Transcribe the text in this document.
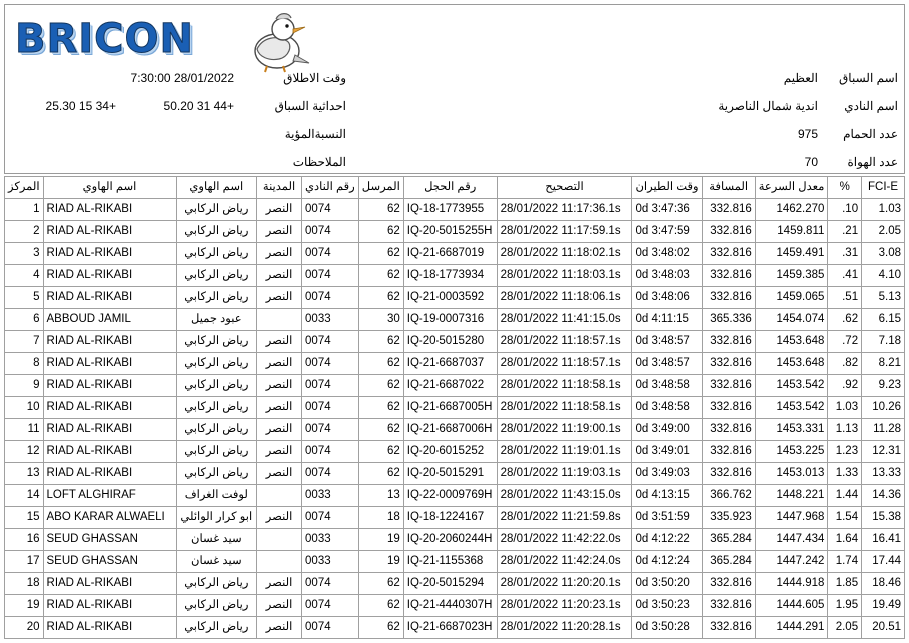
BRICON
اسم السباق
العظيم
اسم النادي
اندية شمال الناصرية
عدد الحمام
975
عدد الهواة
70
وقت الاطلاق
28/01/2022 7:30:00
احداثية السباق
+44 31 50.20
+34 15 25.30
النسبةالمؤية
الملاحظات
المركز	اسم الهاوي	اسم الهاوي	المدينة	رقم النادي	المرسل	رقم الحجل	التصحيح	وقت الطيران	المسافة	معدل السرعة	%	FCI-E
1	RIAD AL-RIKABI	رياض الركابي	النصر	0074	62	IQ-18-1773955	28/01/2022 11:17:36.1s	0d 3:47:36	332.816	1462.270	.10	1.03
2	RIAD AL-RIKABI	رياض الركابي	النصر	0074	62	IQ-20-5015255H	28/01/2022 11:17:59.1s	0d 3:47:59	332.816	1459.811	.21	2.05
3	RIAD AL-RIKABI	رياض الركابي	النصر	0074	62	IQ-21-6687019	28/01/2022 11:18:02.1s	0d 3:48:02	332.816	1459.491	.31	3.08
4	RIAD AL-RIKABI	رياض الركابي	النصر	0074	62	IQ-18-1773934	28/01/2022 11:18:03.1s	0d 3:48:03	332.816	1459.385	.41	4.10
5	RIAD AL-RIKABI	رياض الركابي	النصر	0074	62	IQ-21-0003592	28/01/2022 11:18:06.1s	0d 3:48:06	332.816	1459.065	.51	5.13
6	ABBOUD JAMIL	عبود جميل		0033	30	IQ-19-0007316	28/01/2022 11:41:15.0s	0d 4:11:15	365.336	1454.074	.62	6.15
7	RIAD AL-RIKABI	رياض الركابي	النصر	0074	62	IQ-20-5015280	28/01/2022 11:18:57.1s	0d 3:48:57	332.816	1453.648	.72	7.18
8	RIAD AL-RIKABI	رياض الركابي	النصر	0074	62	IQ-21-6687037	28/01/2022 11:18:57.1s	0d 3:48:57	332.816	1453.648	.82	8.21
9	RIAD AL-RIKABI	رياض الركابي	النصر	0074	62	IQ-21-6687022	28/01/2022 11:18:58.1s	0d 3:48:58	332.816	1453.542	.92	9.23
10	RIAD AL-RIKABI	رياض الركابي	النصر	0074	62	IQ-21-6687005H	28/01/2022 11:18:58.1s	0d 3:48:58	332.816	1453.542	1.03	10.26
11	RIAD AL-RIKABI	رياض الركابي	النصر	0074	62	IQ-21-6687006H	28/01/2022 11:19:00.1s	0d 3:49:00	332.816	1453.331	1.13	11.28
12	RIAD AL-RIKABI	رياض الركابي	النصر	0074	62	IQ-20-6015252	28/01/2022 11:19:01.1s	0d 3:49:01	332.816	1453.225	1.23	12.31
13	RIAD AL-RIKABI	رياض الركابي	النصر	0074	62	IQ-20-5015291	28/01/2022 11:19:03.1s	0d 3:49:03	332.816	1453.013	1.33	13.33
14	LOFT ALGHIRAF	لوفت الغراف		0033	13	IQ-22-0009769H	28/01/2022 11:43:15.0s	0d 4:13:15	366.762	1448.221	1.44	14.36
15	ABO KARAR ALWAELI	ابو كرار الوائلي	النصر	0074	18	IQ-18-1224167	28/01/2022 11:21:59.8s	0d 3:51:59	335.923	1447.968	1.54	15.38
16	SEUD GHASSAN	سيد غسان		0033	19	IQ-20-2060244H	28/01/2022 11:42:22.0s	0d 4:12:22	365.284	1447.434	1.64	16.41
17	SEUD GHASSAN	سيد غسان		0033	19	IQ-21-1155368	28/01/2022 11:42:24.0s	0d 4:12:24	365.284	1447.242	1.74	17.44
18	RIAD AL-RIKABI	رياض الركابي	النصر	0074	62	IQ-20-5015294	28/01/2022 11:20:20.1s	0d 3:50:20	332.816	1444.918	1.85	18.46
19	RIAD AL-RIKABI	رياض الركابي	النصر	0074	62	IQ-21-4440307H	28/01/2022 11:20:23.1s	0d 3:50:23	332.816	1444.605	1.95	19.49
20	RIAD AL-RIKABI	رياض الركابي	النصر	0074	62	IQ-21-6687023H	28/01/2022 11:20:28.1s	0d 3:50:28	332.816	1444.291	2.05	20.51
